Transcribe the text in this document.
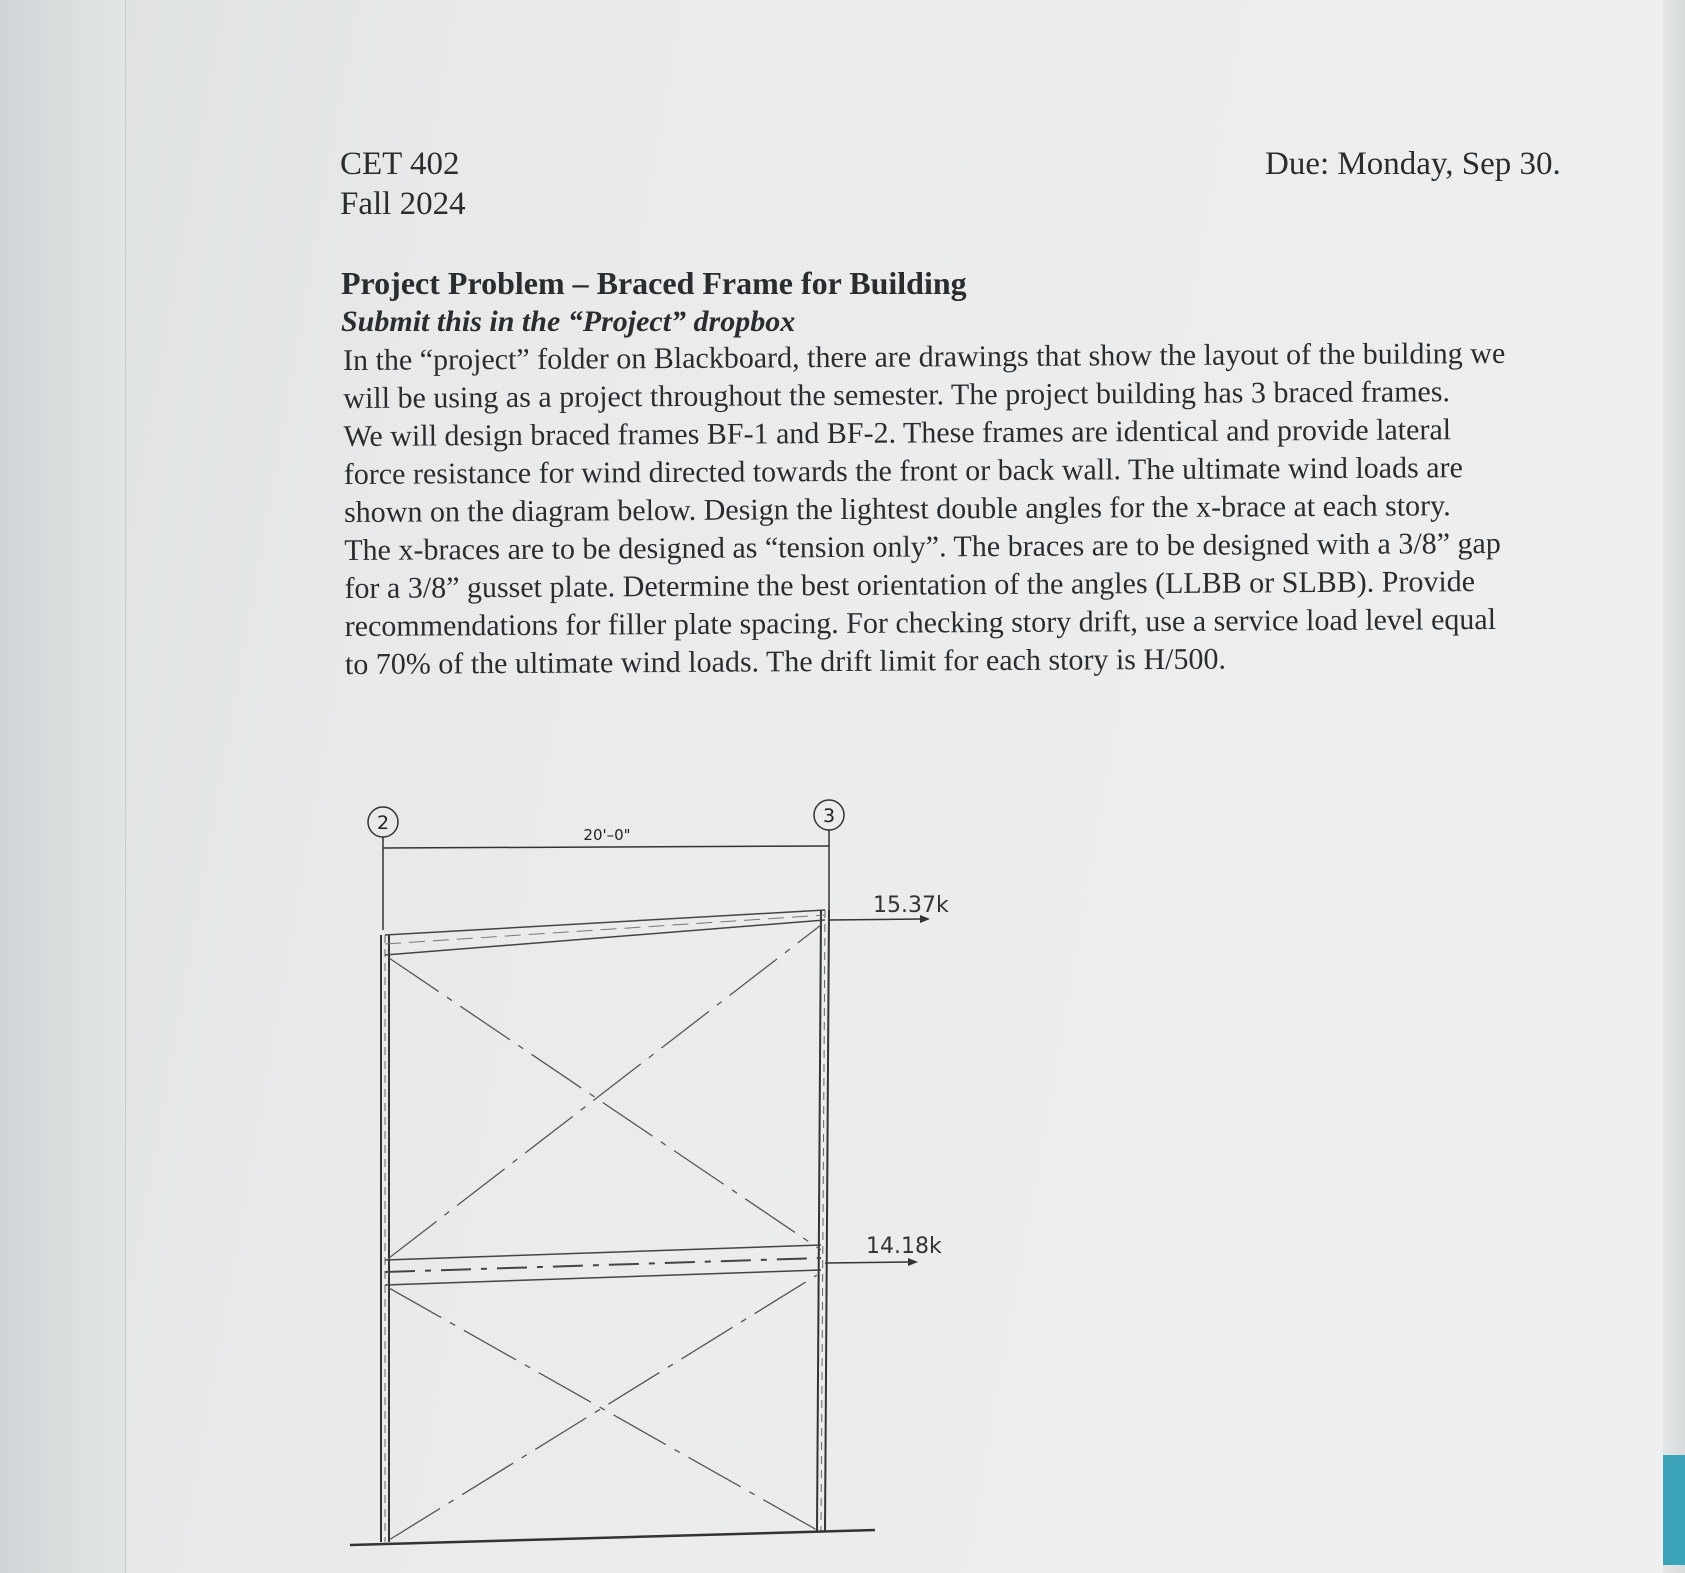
CET 402
Fall 2024
Due: Monday, Sep 30.
Project Problem – Braced Frame for Building
Submit this in the “Project” dropbox
In the “project” folder on Blackboard, there are drawings that show the layout of the building we
will be using as a project throughout the semester. The project building has 3 braced frames.
We will design braced frames BF-1 and BF-2. These frames are identical and provide lateral
force resistance for wind directed towards the front or back wall. The ultimate wind loads are
shown on the diagram below. Design the lightest double angles for the x-brace at each story.
The x-braces are to be designed as “tension only”. The braces are to be designed with a 3/8” gap
for a 3/8” gusset plate. Determine the best orientation of the angles (LLBB or SLBB). Provide
recommendations for filler plate spacing. For checking story drift, use a service load level equal
to 70% of the ultimate wind loads. The drift limit for each story is H/500.
2	3
20'–0"
15.37k
14.18k
